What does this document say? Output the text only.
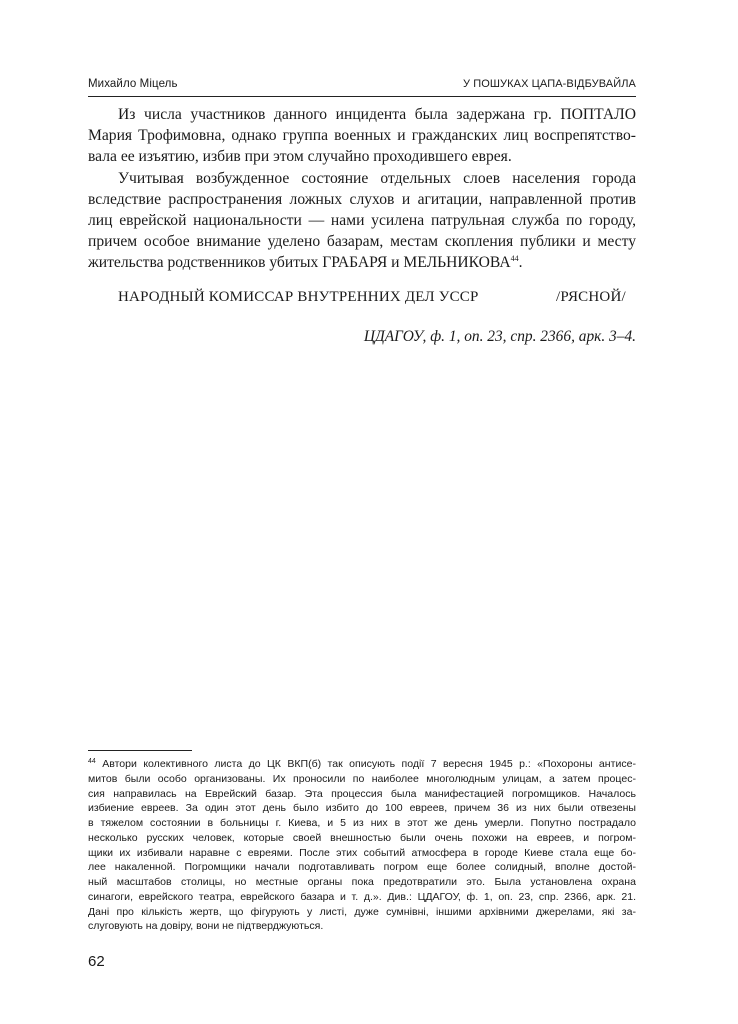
Михайло Міцель	У ПОШУКАХ ЦАПА-ВІДБУВАЙЛА
Из числа участников данного инцидента была задержана гр. ПОПТАЛО
Мария Трофимовна, однако группа военных и гражданских лиц воспрепятство-
вала ее изъятию, избив при этом случайно проходившего еврея.
Учитывая возбужденное состояние отдельных слоев населения города
вследствие распространения ложных слухов и агитации, направленной против
лиц еврейской национальности — нами усилена патрульная служба по городу,
причем особое внимание уделено базарам, местам скопления публики и месту
жительства родственников убитых ГРАБАРЯ и МЕЛЬНИКОВА$^{44}$.
НАРОДНЫЙ КОМИССАР ВНУТРЕННИХ ДЕЛ УССР	/РЯСНОЙ/
ЦДАГОУ, ф. 1, оп. 23, спр. 2366, арк. 3–4.
$^{44}$ Автори колективного листа до ЦК ВКП(б) так описують події 7 вересня 1945 р.: «Похороны антисе-
митов были особо организованы. Их проносили по наиболее многолюдным улицам, а затем процес-
сия направилась на Еврейский базар. Эта процессия была манифестацией погромщиков. Началось
избиение евреев. За один этот день было избито до 100 евреев, причем 36 из них были отвезены
в тяжелом состоянии в больницы г. Киева, и 5 из них в этот же день умерли. Попутно пострадало
несколько русских человек, которые своей внешностью были очень похожи на евреев, и погром-
щики их избивали наравне с евреями. После этих событий атмосфера в городе Киеве стала еще бо-
лее накаленной. Погромщики начали подготавливать погром еще более солидный, вполне достой-
ный масштабов столицы, но местные органы пока предотвратили это. Была установлена охрана
синагоги, еврейского театра, еврейского базара и т. д.». Див.: ЦДАГОУ, ф. 1, оп. 23, спр. 2366, арк. 21.
Дані про кількість жертв, що фігурують у листі, дуже сумнівні, іншими архівними джерелами, які за-
слуговують на довіру, вони не підтверджуються.
62
